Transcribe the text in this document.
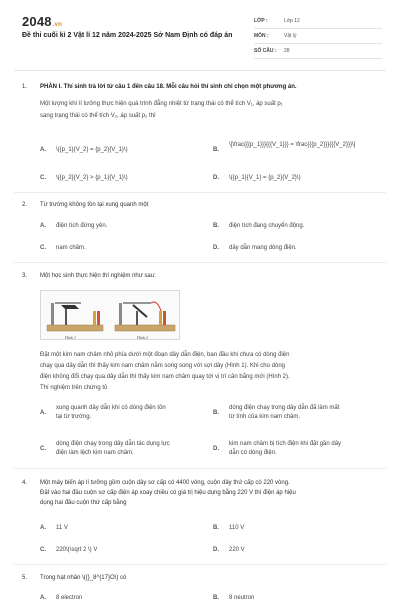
2048.vn
Đề thi cuối kì 2 Vật lí 12 năm 2024-2025 Sở Nam Định có đáp án
LỚP :	Lớp 12
MÔN :	Vật lý
SỐ CÂU :	28
1. PHẦN I. Thí sinh trả lời từ câu 1 đến câu 18. Mỗi câu hỏi thí sinh chỉ chọn một phương án.
Một lượng khí lí tưởng thực hiện quá trình đẳng nhiệt từ trạng thái có thể tích V₁, áp suất p₁
sang trạng thái có thể tích V₂, áp suất p₂ thì
A. \({p_1}{V_2} = {p_2}{V_1}\)	B.
\[\frac{{{p_1}}}{{{V_1}}} = \frac{{{p_2}}}{{{V_2}}}\]
C. \({p_2}{V_2} > {p_1}{V_1}\)	D. \({p_1}{V_1} = {p_2}{V_2}\)
2. Từ trường không tồn tại xung quanh một
A. điện tích đứng yên.	B. điện tích đang chuyển động.
C. nam châm.	D. dây dẫn mang dòng điện.
3. Một học sinh thực hiện thí nghiệm như sau:
Hình 1	Hình 2
Đặt một kim nam châm nhỏ phía dưới một đoạn dây dẫn điện, ban đầu khi chưa có dòng điện
chạy qua dây dẫn thì thấy kim nam châm nằm song song với sợi dây (Hình 1). Khi cho dòng
điện không đổi chạy qua dây dẫn thì thấy kim nam châm quay tới vị trí cân bằng mới (Hình 2).
Thí nghiệm trên chứng tỏ
A.
xung quanh dây dẫn khi có dòng điện tồn
tại từ trường.
B.
dòng điện chạy trong dây dẫn đã làm mất
từ tính của kim nam châm.
C.
dòng điện chạy trong dây dẫn tác dụng lực
điện làm lệch kim nam châm.
D.
kim nam châm bị tích điện khi đặt gần dây
dẫn có dòng điện.
4. Một máy biến áp lí tưởng gồm cuộn dây sơ cấp có 4400 vòng, cuộn dây thứ cấp có 220 vòng.
Đặt vào hai đầu cuộn sơ cấp điện áp xoay chiều có giá trị hiệu dụng bằng 220 V thì điện áp hiệu
dụng hai đầu cuộn thứ cấp bằng
A. 11 V	B. 110 V
C. 220\(\sqrt 2 \) V	D. 220 V
5. Trong hạt nhân \({}_8^{17}O\) có
A. 8 electron	B. 8 neutron
